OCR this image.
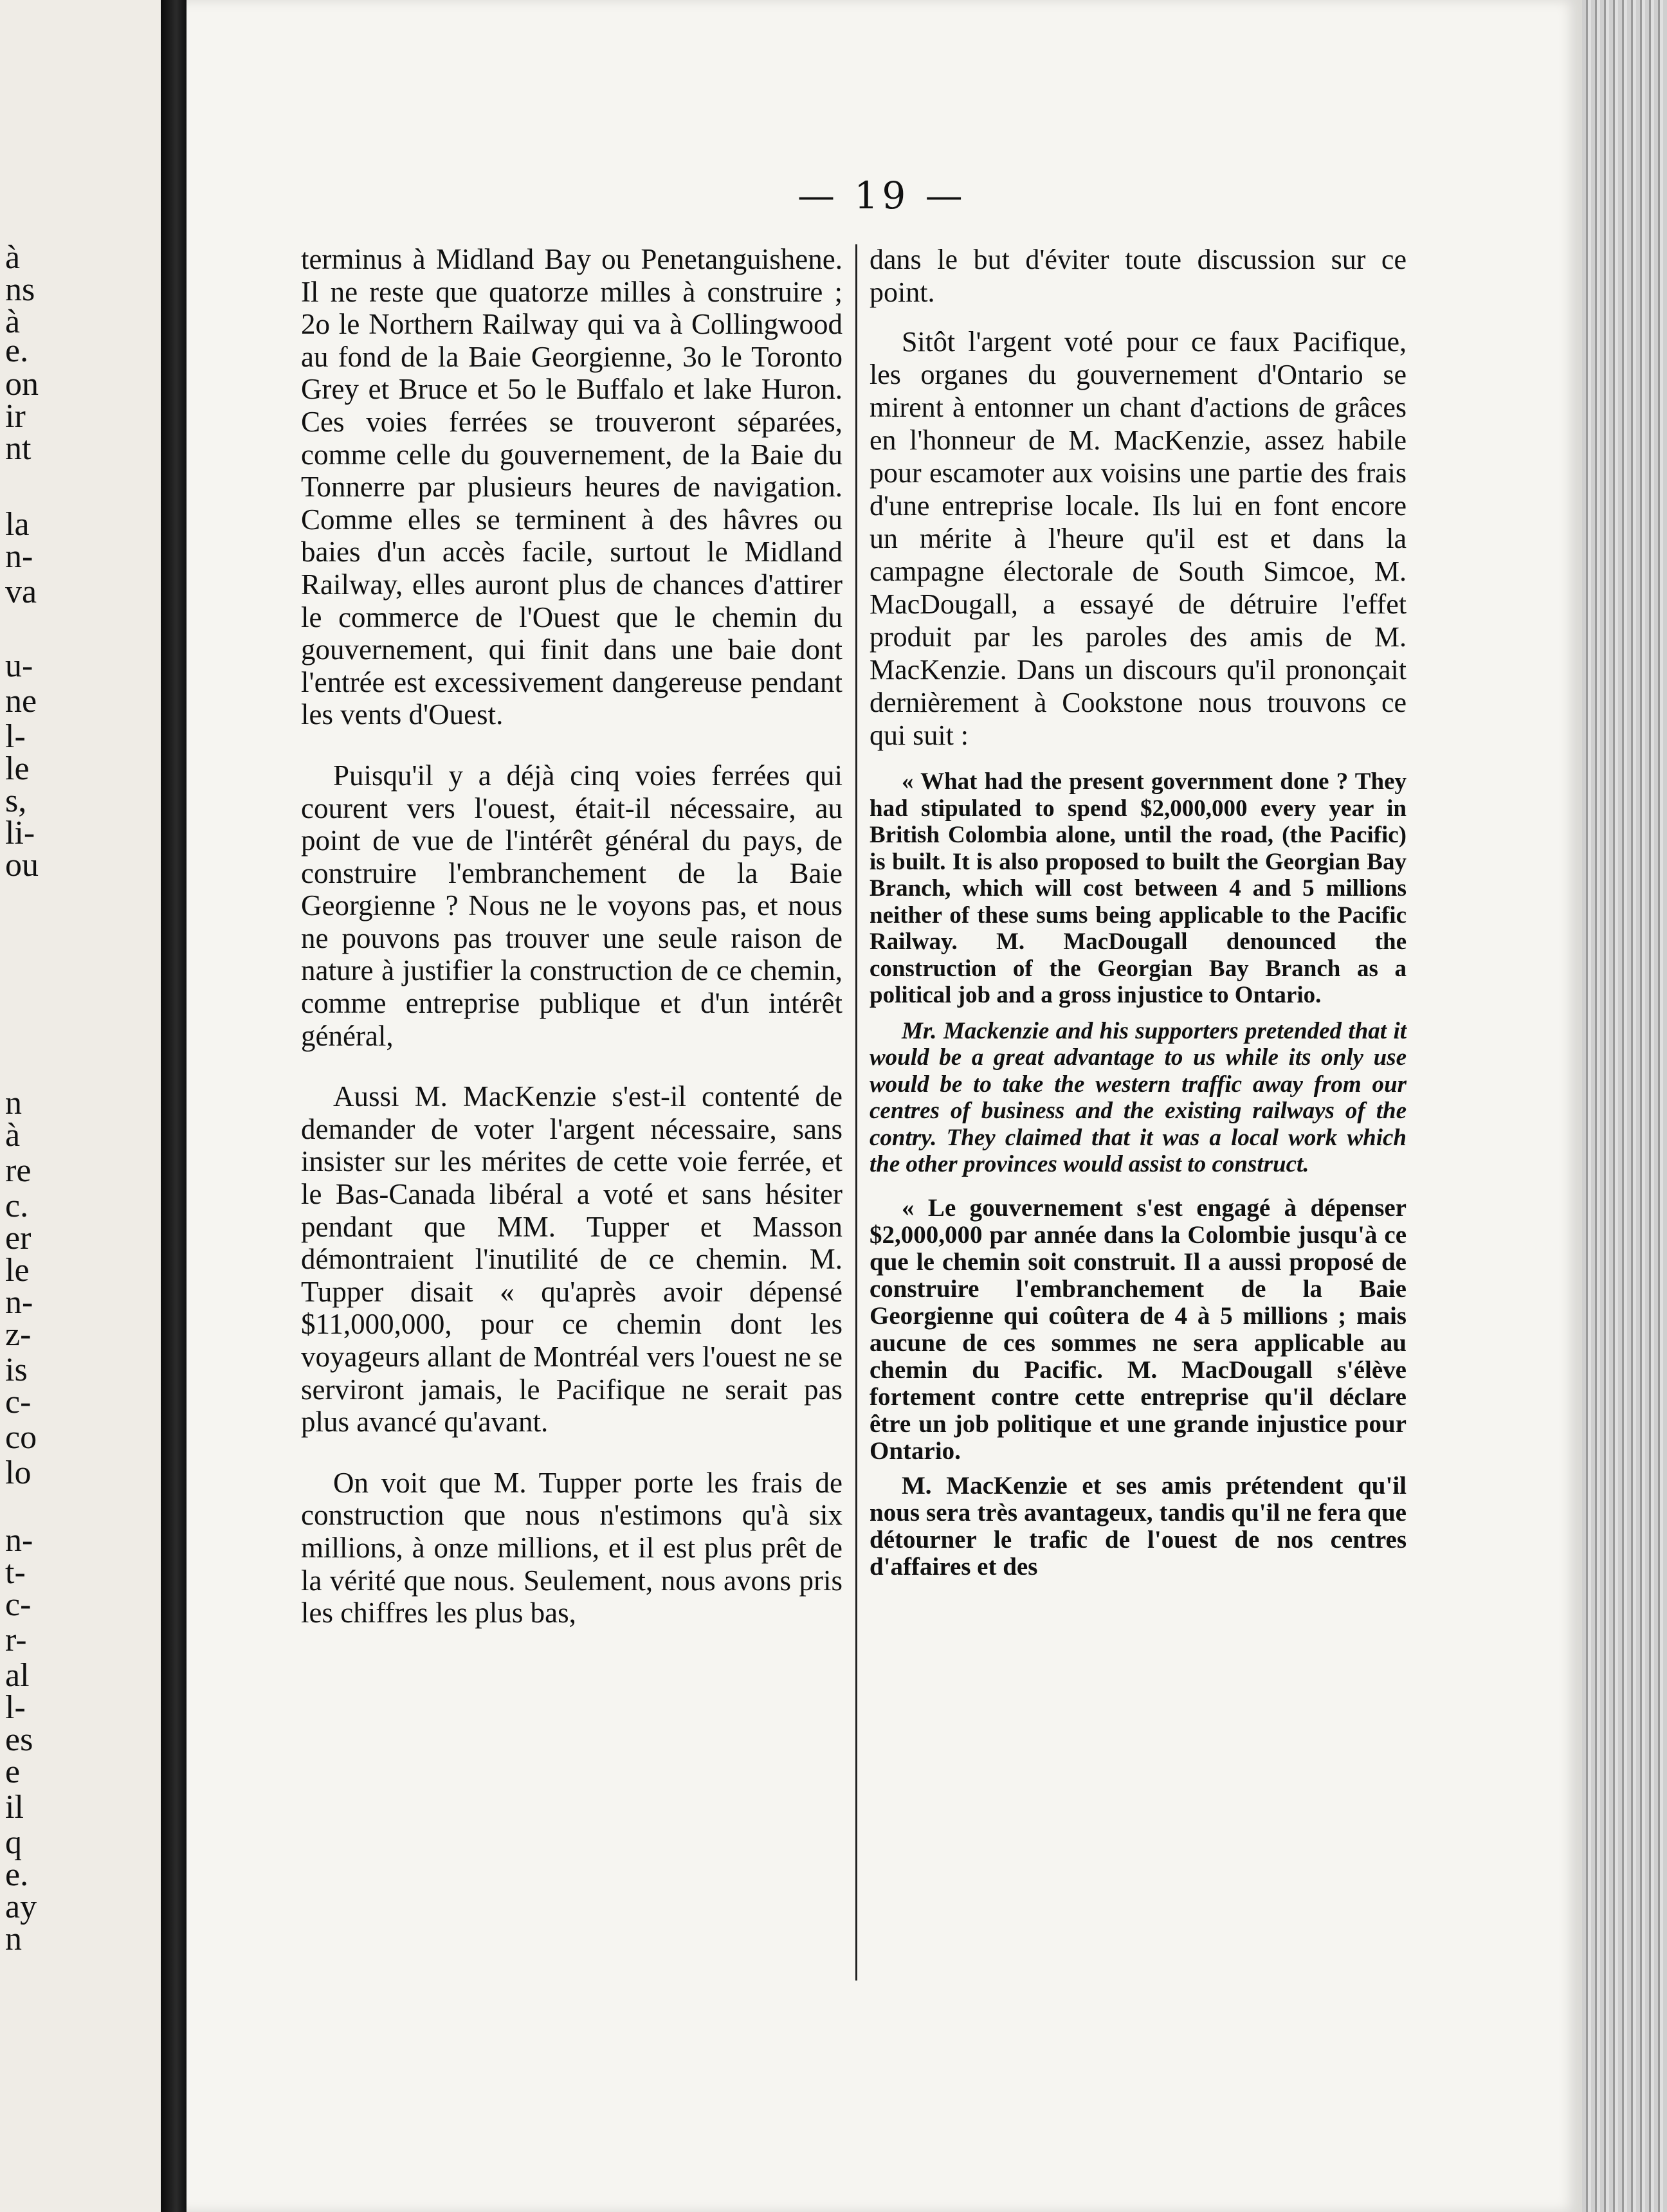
à
ns
à
e.
on
ir
nt
la
n-
va
u-
ne
l-
le
s,
li-
ou
n
à
re
c.
er
le
n-
z-
is
c-
co
lo
n-
t-
c-
r-
al
l-
es
e
il
q
e.
ay
n
— 19 —

terminus à Midland Bay ou Penetanguishene. Il ne reste que quatorze milles à construire ; 2o le Northern Railway qui va à Collingwood au fond de la Baie Georgienne, 3o le Toronto Grey et Bruce et 5o le Buffalo et lake Huron. Ces voies ferrées se trouveront séparées, comme celle du gouvernement, de la Baie du Tonnerre par plusieurs heures de navigation. Comme elles se terminent à des hâvres ou baies d'un accès facile, surtout le Midland Railway, elles auront plus de chances d'attirer le commerce de l'Ouest que le chemin du gouvernement, qui finit dans une baie dont l'entrée est excessivement dangereuse pendant les vents d'Ouest.

Puisqu'il y a déjà cinq voies ferrées qui courent vers l'ouest, était-il nécessaire, au point de vue de l'intérêt général du pays, de construire l'embranchement de la Baie Georgienne ? Nous ne le voyons pas, et nous ne pouvons pas trouver une seule raison de nature à justifier la construction de ce chemin, comme entreprise publique et d'un intérêt général,

Aussi M. MacKenzie s'est-il contenté de demander de voter l'argent nécessaire, sans insister sur les mérites de cette voie ferrée, et le Bas-Canada libéral a voté et sans hésiter pendant que MM. Tupper et Masson démontraient l'inutilité de ce chemin. M. Tupper disait « qu'après avoir dépensé $11,000,000, pour ce chemin dont les voyageurs allant de Montréal vers l'ouest ne se serviront jamais, le Pacifique ne serait pas plus avancé qu'avant.

On voit que M. Tupper porte les frais de construction que nous n'estimons qu'à six millions, à onze millions, et il est plus prêt de la vérité que nous. Seulement, nous avons pris les chiffres les plus bas,

dans le but d'éviter toute discussion sur ce point.

Sitôt l'argent voté pour ce faux Pacifique, les organes du gouvernement d'Ontario se mirent à entonner un chant d'actions de grâces en l'honneur de M. MacKenzie, assez habile pour escamoter aux voisins une partie des frais d'une entreprise locale. Ils lui en font encore un mérite à l'heure qu'il est et dans la campagne électorale de South Simcoe, M. MacDougall, a essayé de détruire l'effet produit par les paroles des amis de M. MacKenzie. Dans un discours qu'il prononçait dernièrement à Cookstone nous trouvons ce qui suit :

« What had the present government done ? They had stipulated to spend $2,000,000 every year in British Colombia alone, until the road, (the Pacific) is built. It is also proposed to built the Georgian Bay Branch, which will cost between 4 and 5 millions neither of these sums being applicable to the Pacific Railway. M. MacDougall denounced the construction of the Georgian Bay Branch as a political job and a gross injustice to Ontario.

Mr. Mackenzie and his supporters pretended that it would be a great advantage to us while its only use would be to take the western traffic away from our centres of business and the existing railways of the contry. They claimed that it was a local work which the other provinces would assist to construct.

« Le gouvernement s'est engagé à dépenser $2,000,000 par année dans la Colombie jusqu'à ce que le chemin soit construit. Il a aussi proposé de construire l'embranchement de la Baie Georgienne qui coûtera de 4 à 5 millions ; mais aucune de ces sommes ne sera applicable au chemin du Pacific. M. MacDougall s'élève fortement contre cette entreprise qu'il déclare être un job politique et une grande injustice pour Ontario.

M. MacKenzie et ses amis prétendent qu'il nous sera très avantageux, tandis qu'il ne fera que détourner le trafic de l'ouest de nos centres d'affaires et des
